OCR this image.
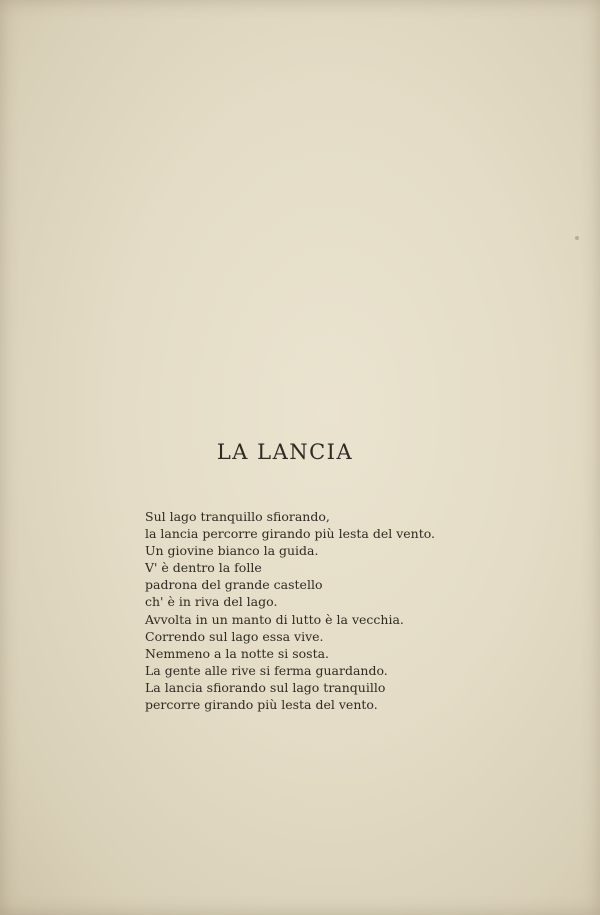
LA LANCIA
Sul lago tranquillo sfiorando,
la lancia percorre girando più lesta del vento.
Un giovine bianco la guida.
V' è dentro la folle
padrona del grande castello
ch' è in riva del lago.
Avvolta in un manto di lutto è la vecchia.
Correndo sul lago essa vive.
Nemmeno a la notte si sosta.
La gente alle rive si ferma guardando.
La lancia sfiorando sul lago tranquillo
percorre girando più lesta del vento.
